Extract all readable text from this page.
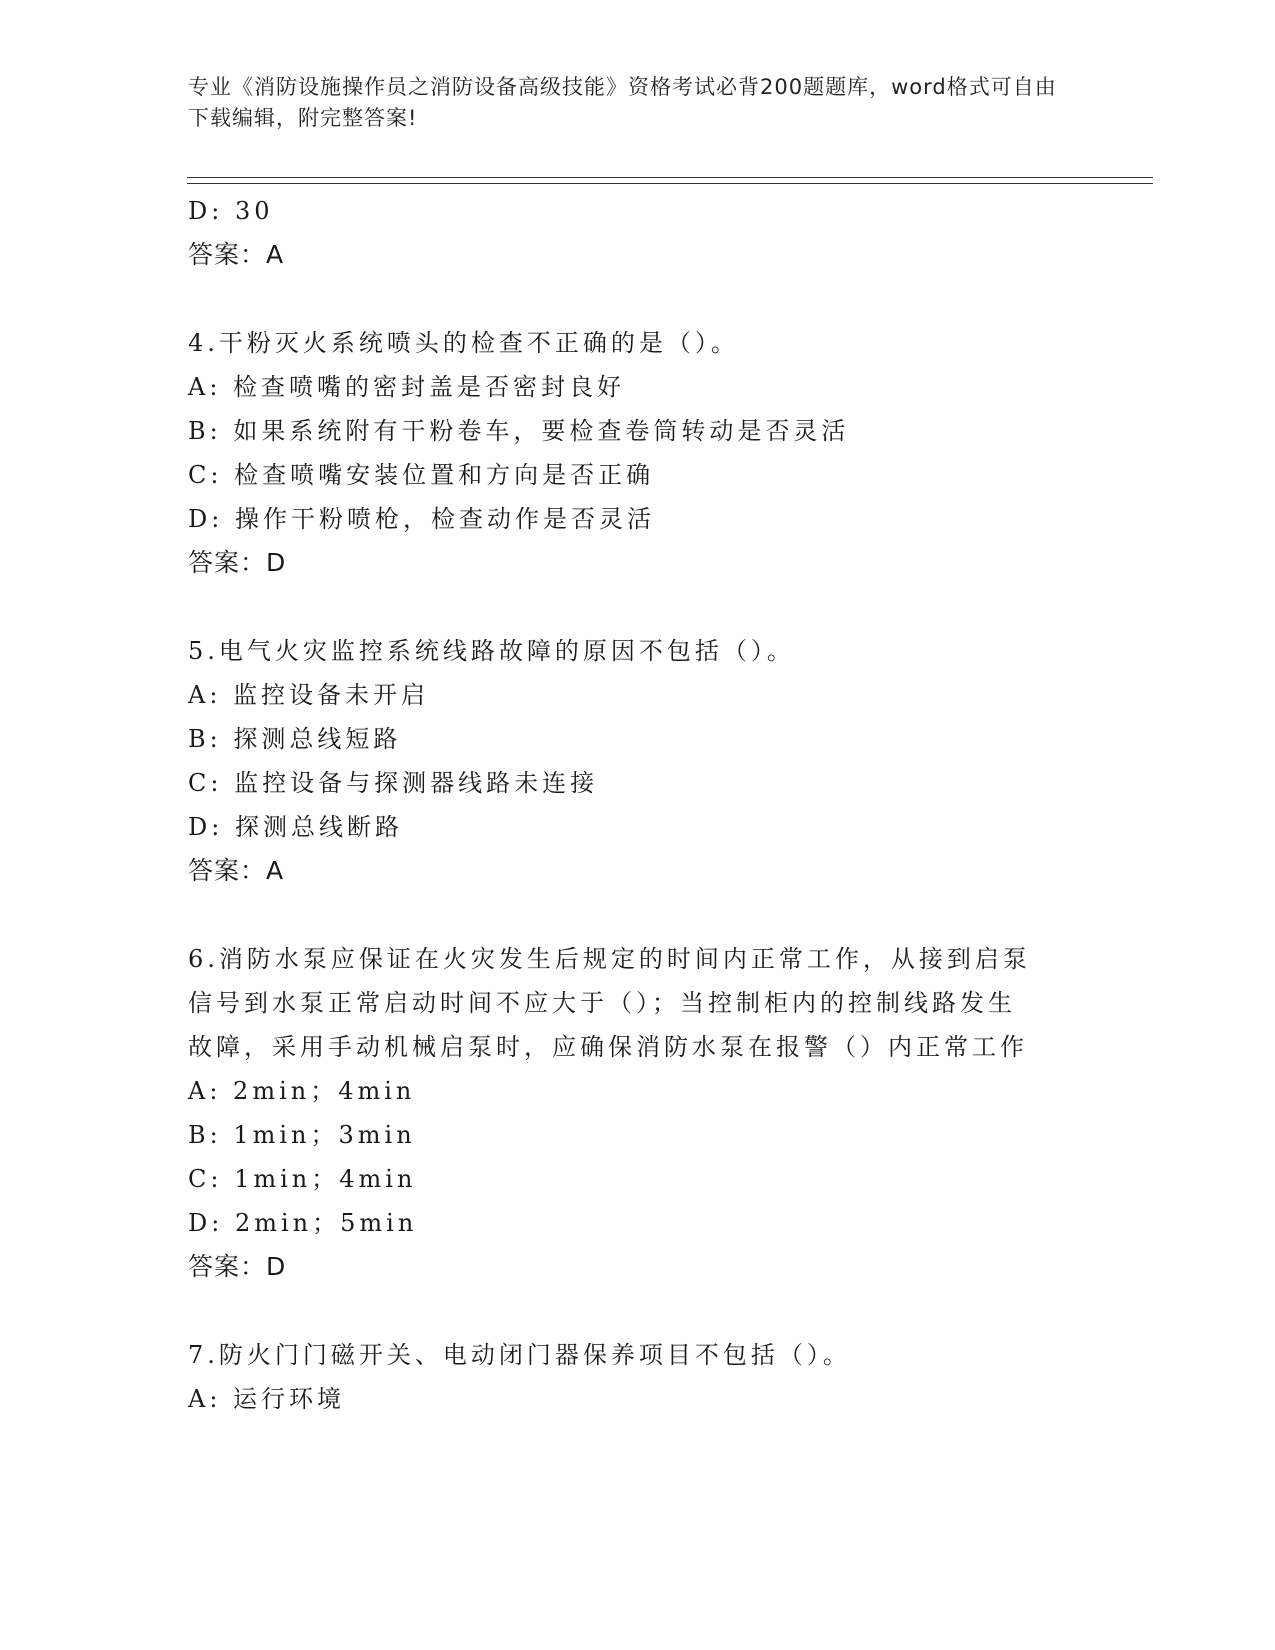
专业《消防设施操作员之消防设备高级技能》资格考试必背200题题库，word格式可自由下载编辑，附完整答案!
D: 30
答案：A
4.干粉灭火系统喷头的检查不正确的是（）。
A: 检查喷嘴的密封盖是否密封良好
B: 如果系统附有干粉卷车，要检查卷筒转动是否灵活
C: 检查喷嘴安装位置和方向是否正确
D: 操作干粉喷枪，检查动作是否灵活
答案：D
5.电气火灾监控系统线路故障的原因不包括（）。
A: 监控设备未开启
B: 探测总线短路
C: 监控设备与探测器线路未连接
D: 探测总线断路
答案：A
6.消防水泵应保证在火灾发生后规定的时间内正常工作，从接到启泵
信号到水泵正常启动时间不应大于（）；当控制柜内的控制线路发生
故障，采用手动机械启泵时，应确保消防水泵在报警（）内正常工作
A: 2min；4min
B: 1min；3min
C: 1min；4min
D: 2min；5min
答案：D
7.防火门门磁开关、电动闭门器保养项目不包括（）。
A: 运行环境
